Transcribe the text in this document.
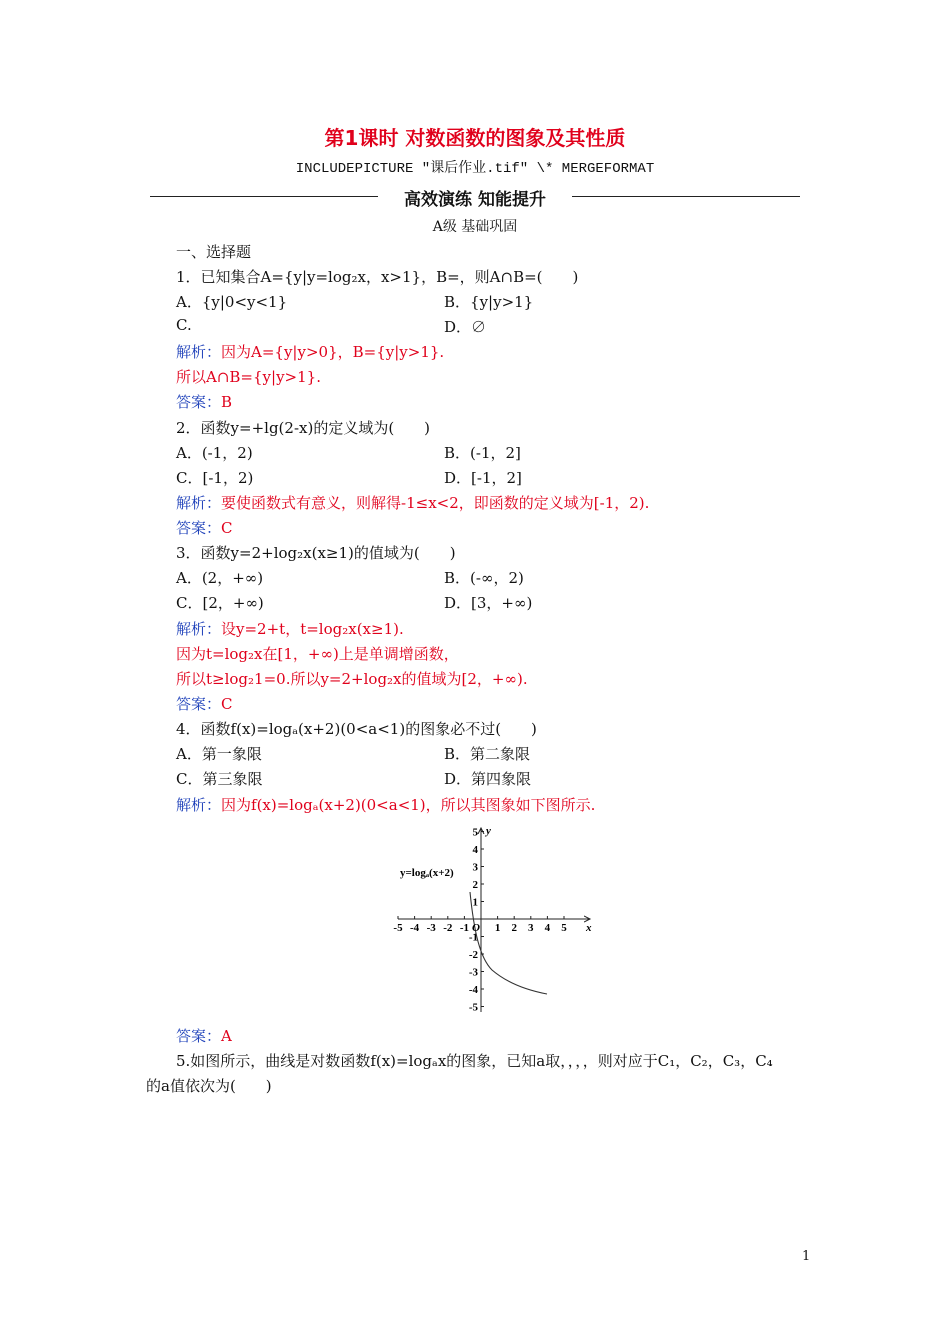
第1课时 对数函数的图象及其性质
INCLUDEPICTURE "课后作业.tif" \* MERGEFORMAT
高效演练 知能提升
A级 基础巩固
一、选择题
1．已知集合A={y|y=log₂x，x>1}，B=，则A∩B=(　　)
A．{y|0<y<1}	B．{y|y>1}
C.	D．∅
解析：因为A={y|y>0}，B={y|y>1}.
所以A∩B={y|y>1}.
答案：B
2．函数y=+lg(2-x)的定义域为(　　)
A．(-1，2)	B．(-1，2]
C．[-1，2)	D．[-1，2]
解析：要使函数式有意义，则解得-1≤x<2，即函数的定义域为[-1，2).
答案：C
3．函数y=2+log₂x(x≥1)的值域为(　　)
A．(2，+∞)	B．(-∞，2)
C．[2，+∞)	D．[3，+∞)
解析：设y=2+t，t=log₂x(x≥1).
因为t=log₂x在[1，+∞)上是单调增函数，
所以t≥log₂1=0.所以y=2+log₂x的值域为[2，+∞).
答案：C
4．函数f(x)=logₐ(x+2)(0<a<1)的图象必不过(　　)
A．第一象限	B．第二象限
C．第三象限	D．第四象限
解析：因为f(x)=logₐ(x+2)(0<a<1)，所以其图象如下图所示.
-5 -4 -3 -2 -1 1 2 3 4 5
5
4
3
2
1
-1
-2
-3
-4
-5
y=logₐ(x+2)
x
y
O
答案：A
5.如图所示，曲线是对数函数f(x)=logₐx的图象，已知a取，，，，则对应于C₁，C₂，C₃，C₄
的a值依次为(　　)
1
